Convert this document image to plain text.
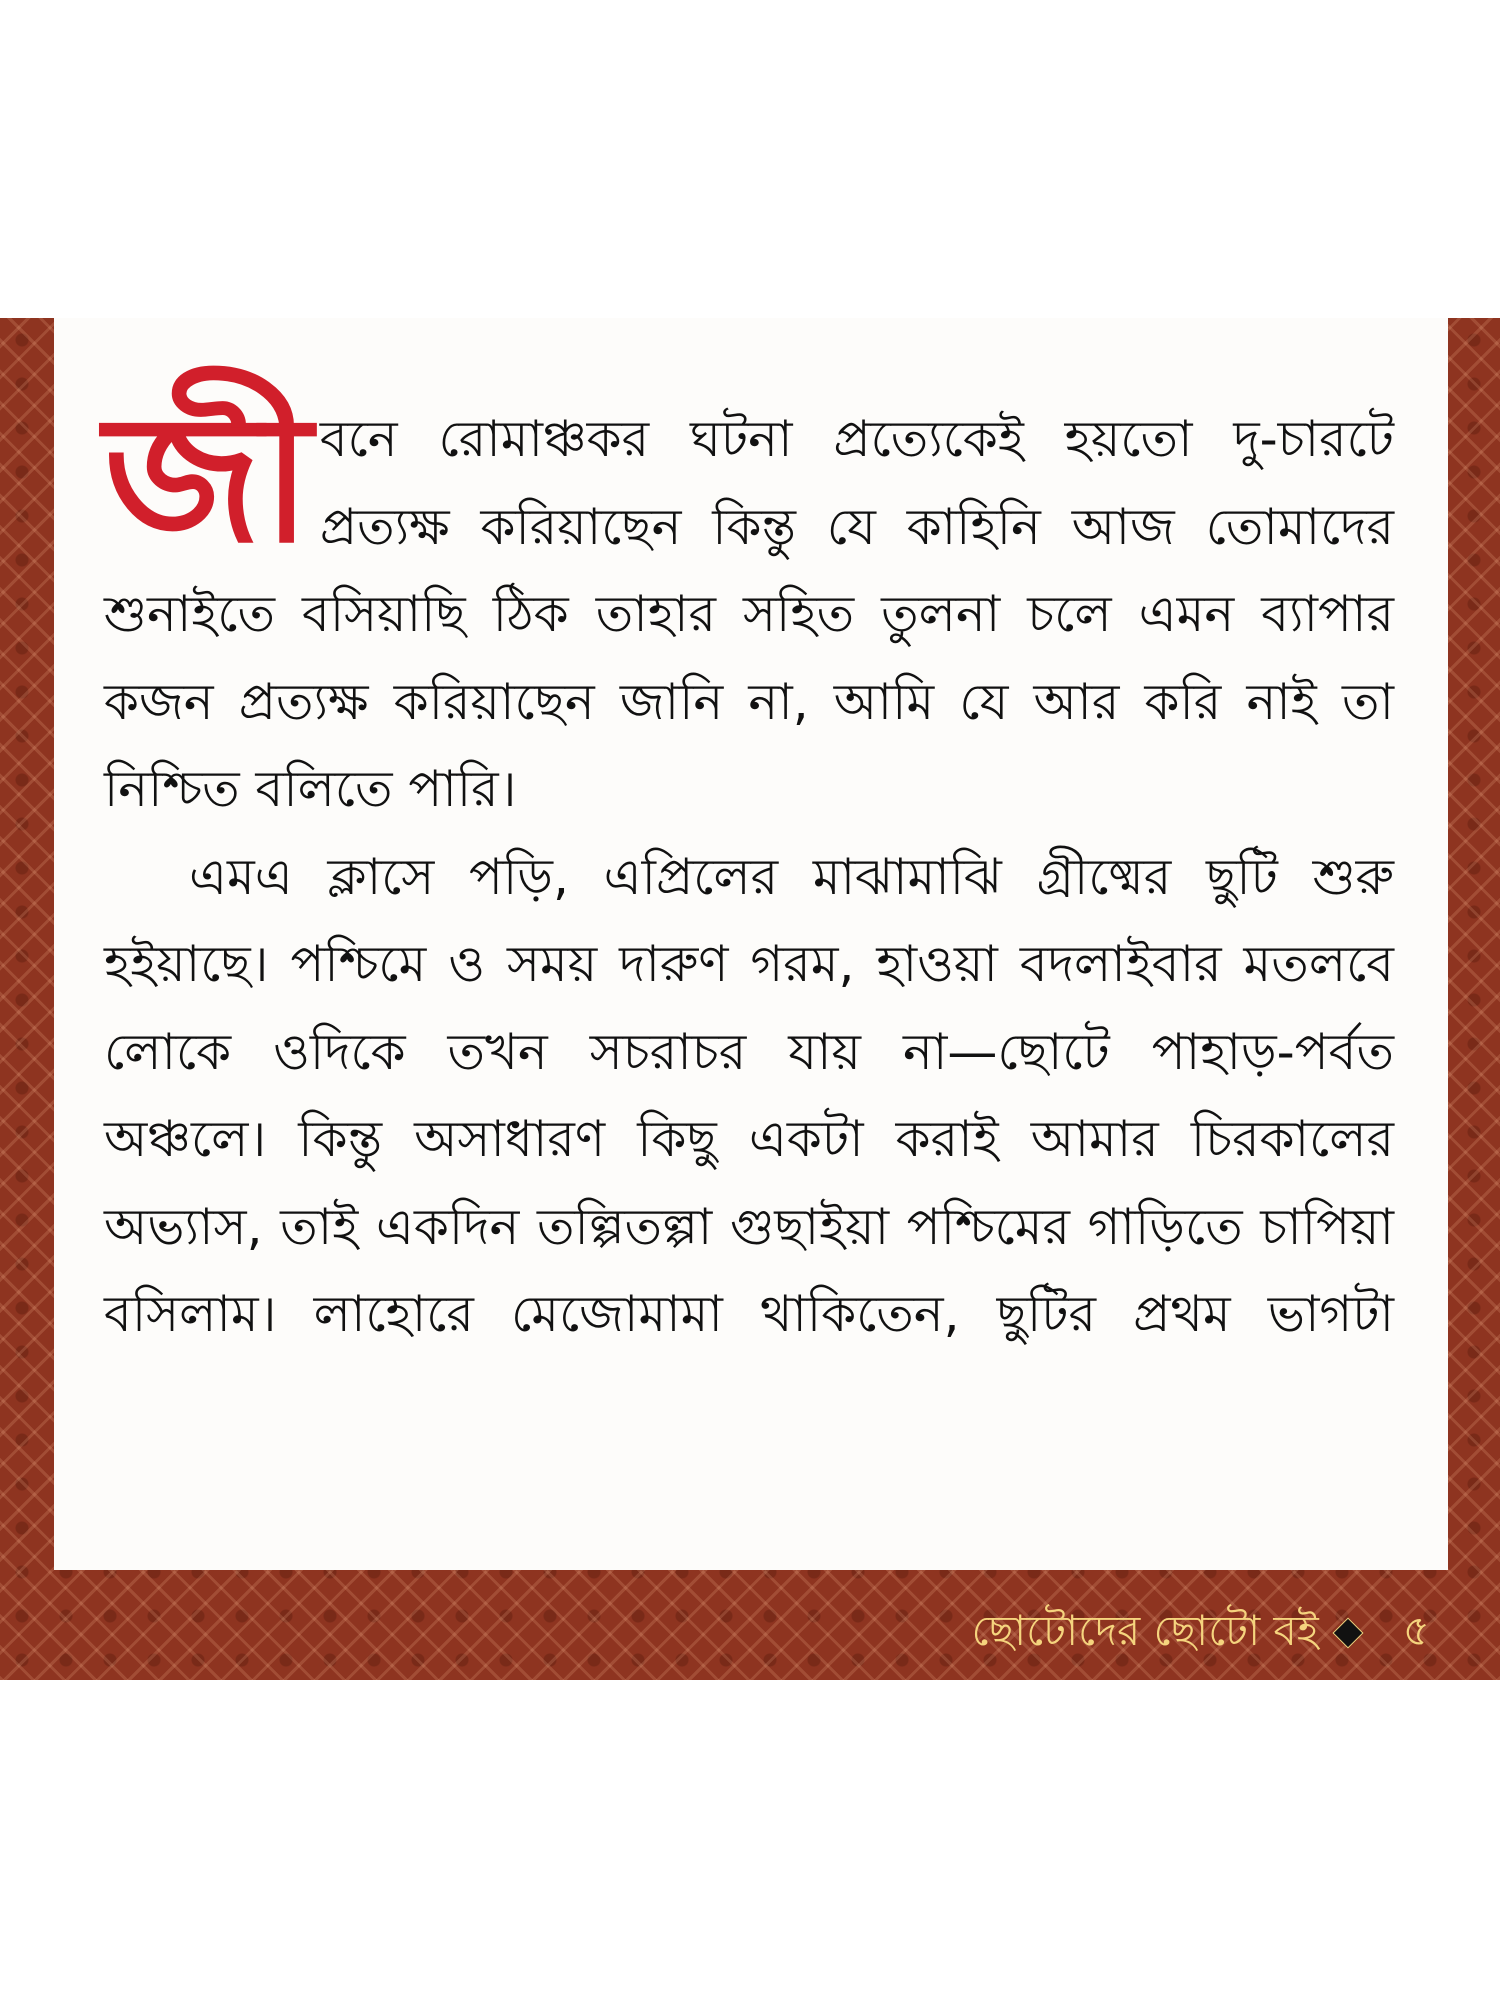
জীবনে রোমাঞ্চকর ঘটনা প্রত্যেকেই হয়তো দু-চারটে প্রত্যক্ষ করিয়াছেন কিন্তু যে কাহিনি আজ তোমাদের শুনাইতে বসিয়াছি ঠিক তাহার সহিত তুলনা চলে এমন ব্যাপার কজন প্রত্যক্ষ করিয়াছেন জানি না, আমি যে আর করি নাই তা নিশ্চিত বলিতে পারি।

এমএ ক্লাসে পড়ি, এপ্রিলের মাঝামাঝি গ্রীষ্মের ছুটি শুরু হইয়াছে। পশ্চিমে ও সময় দারুণ গরম, হাওয়া বদলাইবার মতলবে লোকে ওদিকে তখন সচরাচর যায় না—ছোটে পাহাড়-পর্বত অঞ্চলে। কিন্তু অসাধারণ কিছু একটা করাই আমার চিরকালের অভ্যাস, তাই একদিন তল্পিতল্পা গুছাইয়া পশ্চিমের গাড়িতে চাপিয়া বসিলাম। লাহোরে মেজোমামা থাকিতেন, ছুটির প্রথম ভাগটা

ছোটোদের ছোটো বই ৫
